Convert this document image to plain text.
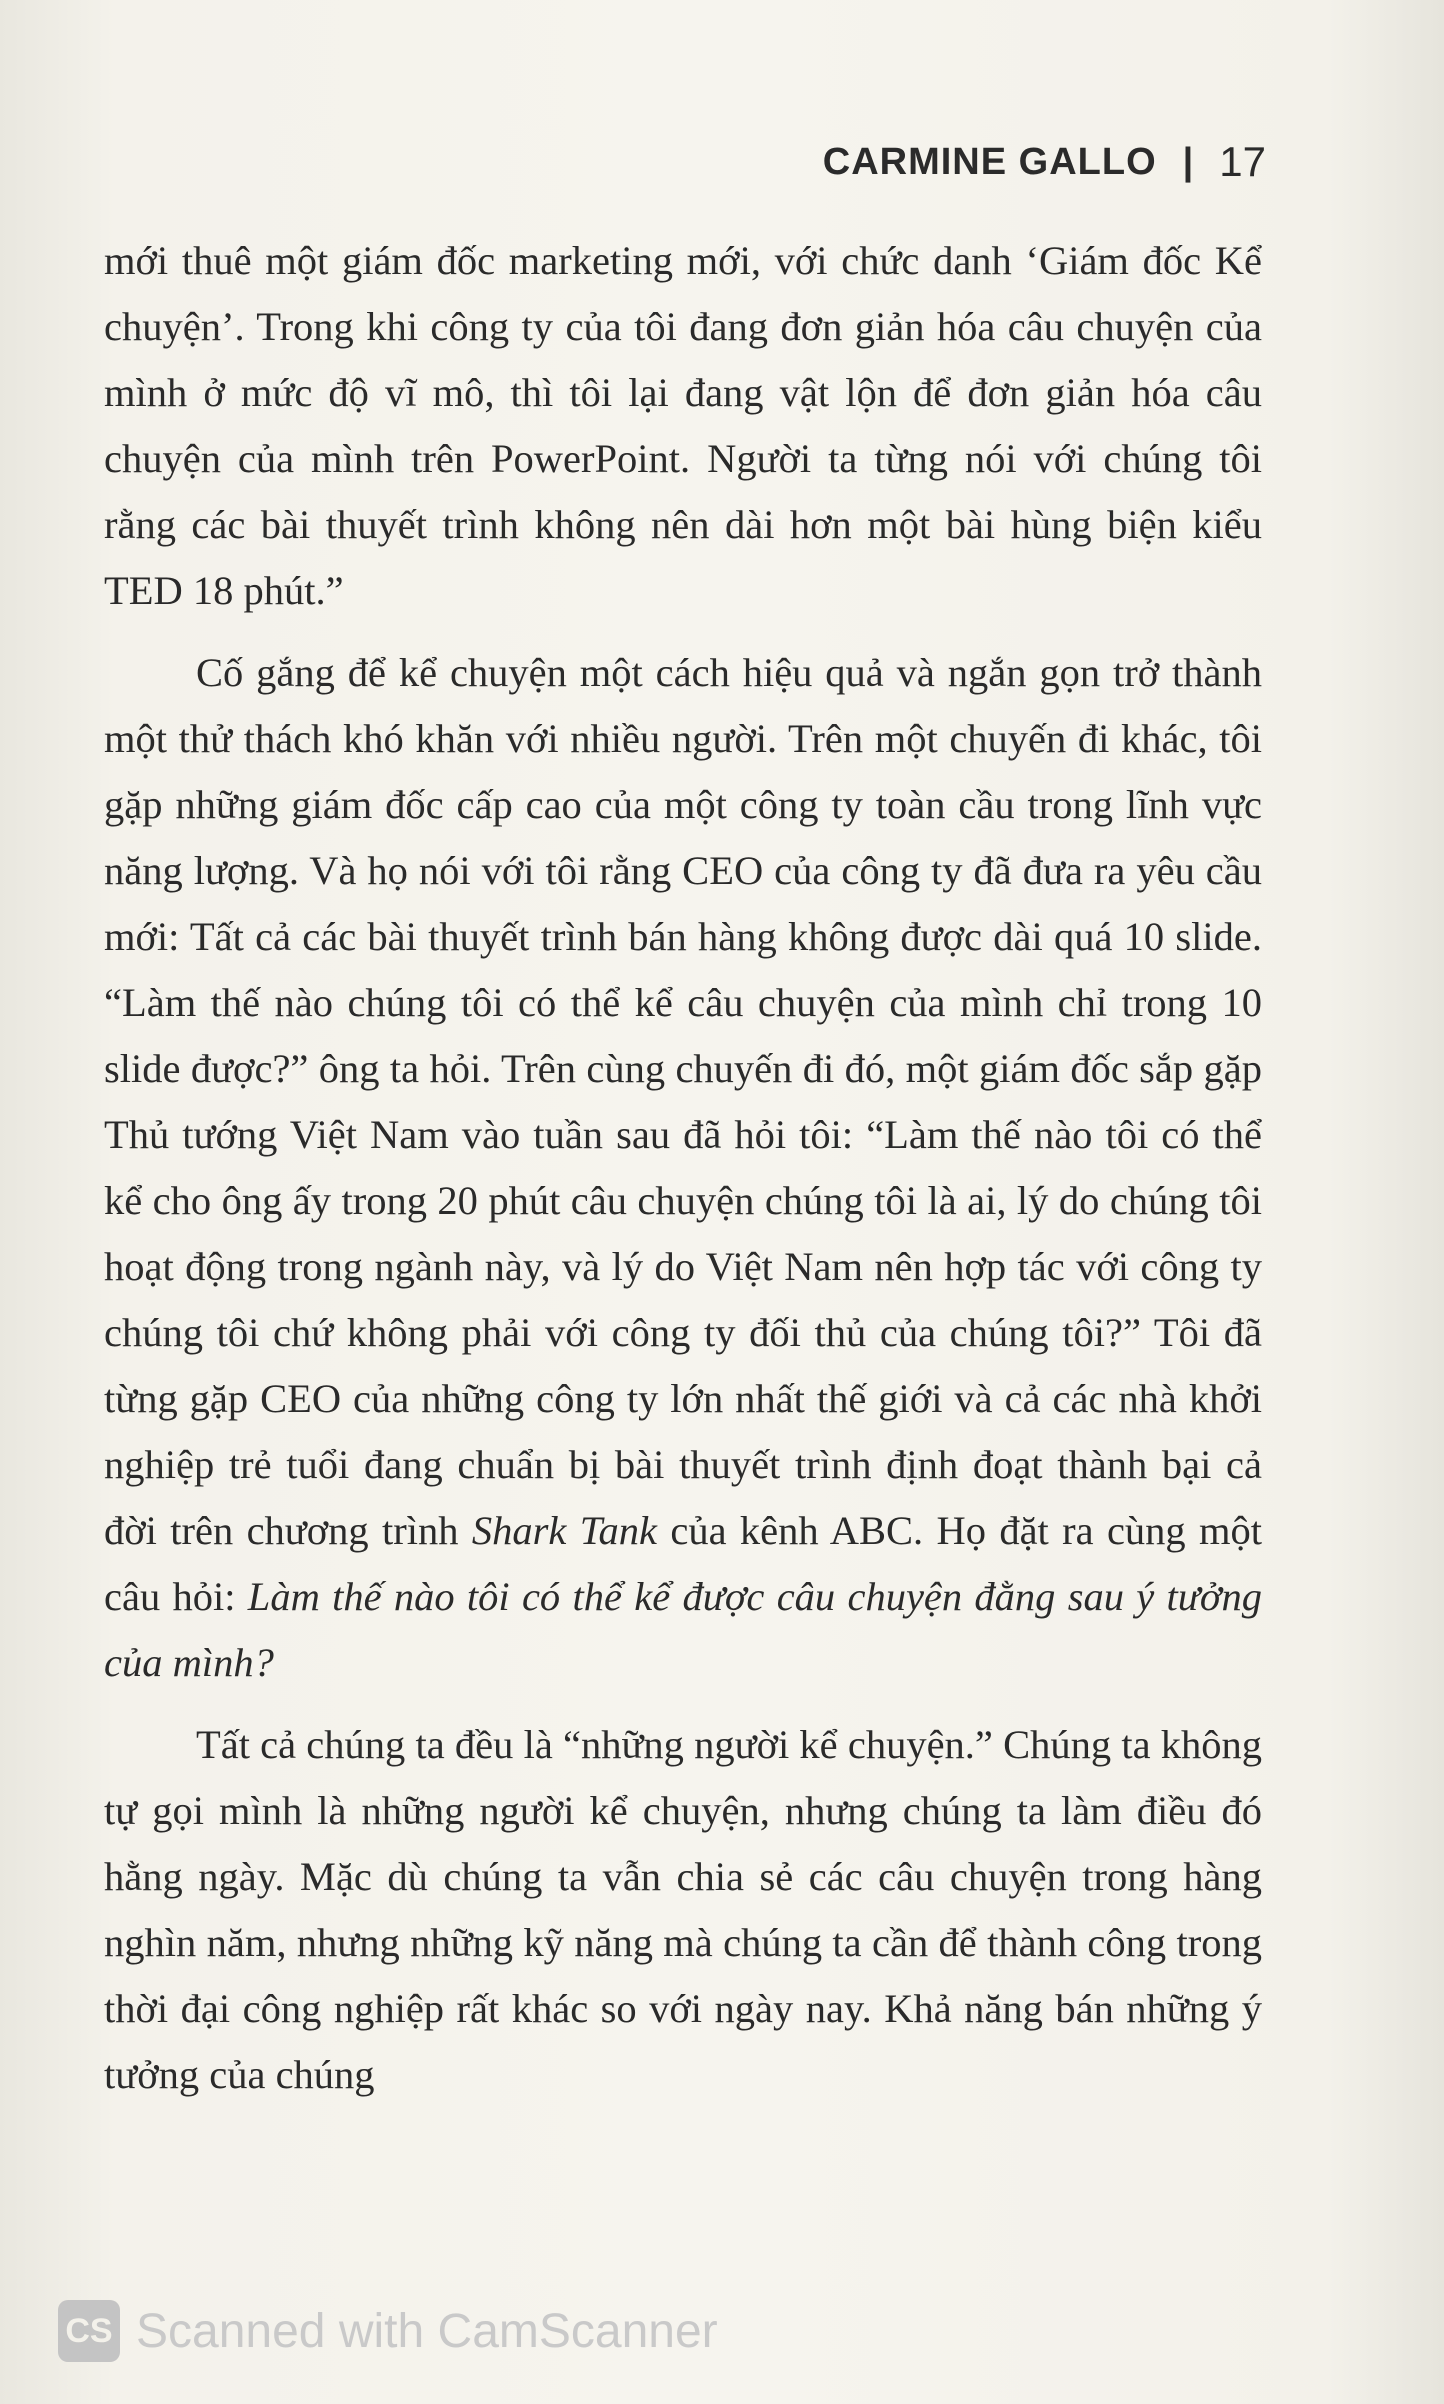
CARMINE GALLO | 17

mới thuê một giám đốc marketing mới, với chức danh ‘Giám đốc Kể chuyện’. Trong khi công ty của tôi đang đơn giản hóa câu chuyện của mình ở mức độ vĩ mô, thì tôi lại đang vật lộn để đơn giản hóa câu chuyện của mình trên PowerPoint. Người ta từng nói với chúng tôi rằng các bài thuyết trình không nên dài hơn một bài hùng biện kiểu TED 18 phút.”

Cố gắng để kể chuyện một cách hiệu quả và ngắn gọn trở thành một thử thách khó khăn với nhiều người. Trên một chuyến đi khác, tôi gặp những giám đốc cấp cao của một công ty toàn cầu trong lĩnh vực năng lượng. Và họ nói với tôi rằng CEO của công ty đã đưa ra yêu cầu mới: Tất cả các bài thuyết trình bán hàng không được dài quá 10 slide. “Làm thế nào chúng tôi có thể kể câu chuyện của mình chỉ trong 10 slide được?” ông ta hỏi. Trên cùng chuyến đi đó, một giám đốc sắp gặp Thủ tướng Việt Nam vào tuần sau đã hỏi tôi: “Làm thế nào tôi có thể kể cho ông ấy trong 20 phút câu chuyện chúng tôi là ai, lý do chúng tôi hoạt động trong ngành này, và lý do Việt Nam nên hợp tác với công ty chúng tôi chứ không phải với công ty đối thủ của chúng tôi?” Tôi đã từng gặp CEO của những công ty lớn nhất thế giới và cả các nhà khởi nghiệp trẻ tuổi đang chuẩn bị bài thuyết trình định đoạt thành bại cả đời trên chương trình Shark Tank của kênh ABC. Họ đặt ra cùng một câu hỏi: Làm thế nào tôi có thể kể được câu chuyện đằng sau ý tưởng của mình?

Tất cả chúng ta đều là “những người kể chuyện.” Chúng ta không tự gọi mình là những người kể chuyện, nhưng chúng ta làm điều đó hằng ngày. Mặc dù chúng ta vẫn chia sẻ các câu chuyện trong hàng nghìn năm, nhưng những kỹ năng mà chúng ta cần để thành công trong thời đại công nghiệp rất khác so với ngày nay. Khả năng bán những ý tưởng của chúng

CS Scanned with CamScanner
